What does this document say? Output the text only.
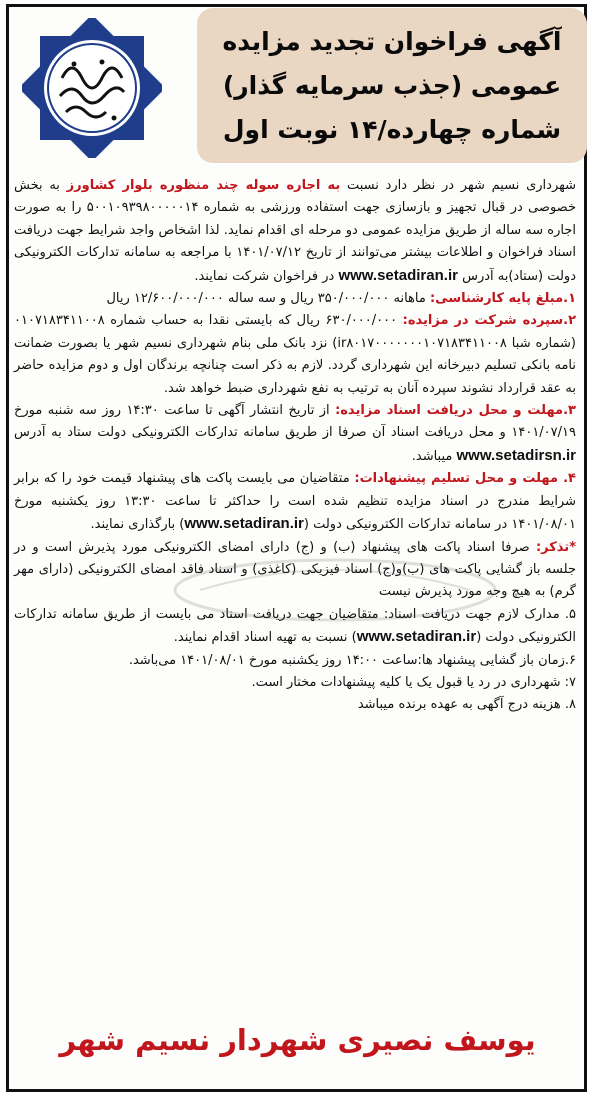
آگهی فراخوان تجدید مزایده
عمومی (جذب سرمایه گذار)
شماره چهارده/۱۴ نوبت اول

شهرداری نسیم شهر در نظر دارد نسبت به اجاره سوله چند منظوره بلوار کشاورز به بخش خصوصی در قبال تجهیز و بازسازی جهت استفاده ورزشی به شماره ۵۰۰۱۰۹۳۹۸۰۰۰۰۰۱۴ را به صورت اجاره سه ساله از طریق مزایده عمومی دو مرحله ای اقدام نماید. لذا اشخاص واجد شرایط جهت دریافت اسناد فراخوان و اطلاعات بیشتر می‌توانند از تاریخ ۱۴۰۱/۰۷/۱۲ با مراجعه به سامانه تدارکات الکترونیکی دولت (ستاد)به آدرس www.setadiran.ir در فراخوان شرکت نمایند.

۱.مبلغ پایه کارشناسی: ماهانه ۳۵۰/۰۰۰/۰۰۰ ریال و سه ساله ۱۲/۶۰۰/۰۰۰/۰۰۰ ریال

۲.سپرده شرکت در مزایده: ۶۳۰/۰۰۰/۰۰۰ ریال که بایستی نقدا به حساب شماره ۰۱۰۷۱۸۳۴۱۱۰۰۸ (شماره شبا ir۸۰۱۷۰۰۰۰۰۰۰۱۰۷۱۸۳۴۱۱۰۰۸) نزد بانک ملی بنام شهرداری نسیم شهر یا بصورت ضمانت نامه بانکی تسلیم دبیرخانه این شهرداری گردد. لازم به ذکر است چنانچه برندگان اول و دوم مزایده حاضر به عقد قرارداد نشوند سپرده آنان به ترتیب به نفع شهرداری ضبط خواهد شد.

۳.مهلت و محل دریافت اسناد مزایده: از تاریخ انتشار آگهی تا ساعت ۱۴:۳۰ روز سه شنبه مورخ ۱۴۰۱/۰۷/۱۹ و محل دریافت اسناد آن صرفا از طریق سامانه تدارکات الکترونیکی دولت ستاد به آدرس www.setadirsn.ir میباشد.

۴. مهلت و محل تسلیم پیشنهادات: متقاضیان می بایست پاکت های پیشنهاد قیمت خود را که برابر شرایط مندرج در اسناد مزایده تنظیم شده است را حداکثر تا ساعت ۱۳:۳۰ روز یکشنبه مورخ ۱۴۰۱/۰۸/۰۱ در سامانه تدارکات الکترونیکی دولت (www.setadiran.ir) بارگذاری نمایند.

*تذکر: صرفا اسناد پاکت های پیشنهاد (ب) و (ج) دارای امضای الکترونیکی مورد پذیرش است و در جلسه باز گشایی پاکت های (ب)و(ج) اسناد فیزیکی (کاغذی) و اسناد فاقد امضای الکترونیکی (دارای مهر گرم) به هیچ وجه مورد پذیرش نیست

۵. مدارک لازم جهت دریافت اسناد: متقاضیان جهت دریافت اسناد می بایست از طریق سامانه تدارکات الکترونیکی دولت (www.setadiran.ir) نسبت به تهیه اسناد اقدام نمایند.

۶.زمان باز گشایی پیشنهاد ها:ساعت ۱۴:۰۰ روز یکشنبه مورخ ۱۴۰۱/۰۸/۰۱ می‌باشد.

۷: شهرداری در رد یا قبول یک یا کلیه پیشنهادات مختار است.

۸. هزینه درج آگهی به عهده برنده میباشد

یوسف نصیری شهردار نسیم شهر
